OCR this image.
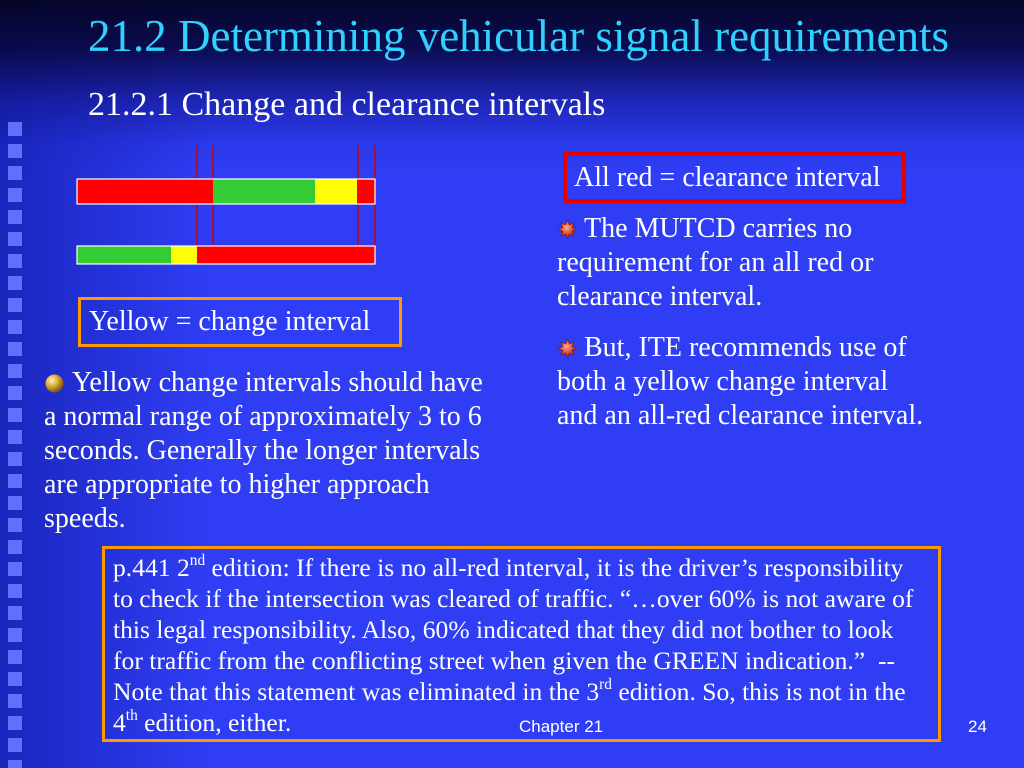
21.2 Determining vehicular signal requirements
21.2.1 Change and clearance intervals
All red = clearance interval
Yellow = change interval
The MUTCD carries no
requirement for an all red or
clearance interval.
But, ITE recommends use of
both a yellow change interval
and an all-red clearance interval.
Yellow change intervals should have
a normal range of approximately 3 to 6
seconds. Generally the longer intervals
are appropriate to higher approach
speeds.
p.441 2nd edition: If there is no all-red interval, it is the driver’s responsibility
to check if the intersection was cleared of traffic. “…over 60% is not aware of
this legal responsibility. Also, 60% indicated that they did not bother to look
for traffic from the conflicting street when given the GREEN indication.”  --
Note that this statement was eliminated in the 3rd edition. So, this is not in the
4th edition, either.	Chapter 21	24
